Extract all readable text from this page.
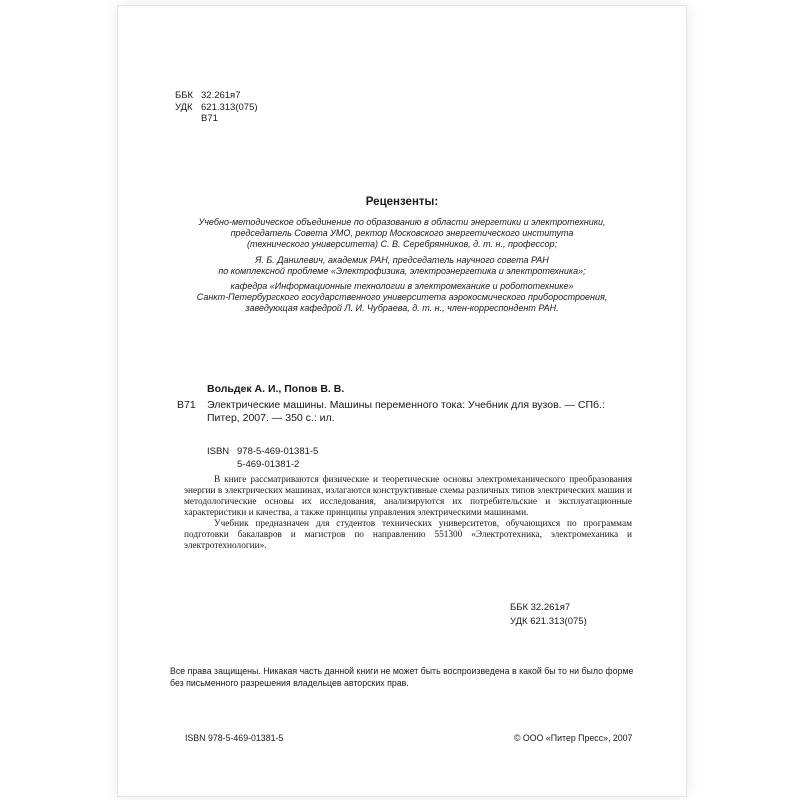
ББК 32.261я7
УДК 621.313(075)
В71
Рецензенты:

Учебно-методическое объединение по образованию в области энергетики и электротехники,
председатель Совета УМО, ректор Московского энергетического института
(технического университета) С. В. Серебрянников, д. т. н., профессор;

Я. Б. Данилевич, академик РАН, председатель научного совета РАН
по комплексной проблеме «Электрофизика, электроэнергетика и электротехника»;

кафедра «Информационные технологии в электромеханике и робототехнике»
Санкт-Петербургского государственного университета аэрокосмического приборостроения,
заведующая кафедрой Л. И. Чубраева, д. т. н., член-корреспондент РАН.

Вольдек А. И., Попов В. В.
В71 Электрические машины. Машины переменного тока: Учебник для вузов. — СПб.:
Питер, 2007. — 350 с.: ил.
ISBN 978-5-469-01381-5
5-469-01381-2

В книге рассматриваются физические и теоретические основы электромеханического преобразования энергии в электрических машинах, излагаются конструктивные схемы различных типов электрических машин и методологические основы их исследования, анализируются их потребительские и эксплуатационные характеристики и качества, а также принципы управления электрическими машинами.

Учебник предназначен для студентов технических университетов, обучающихся по программам подготовки бакалавров и магистров по направлению 551300 «Электротехника, электромеханика и электротехнологии».

ББК 32.261я7
УДК 621.313(075)
Все права защищены. Никакая часть данной книги не может быть воспроизведена в какой бы то ни было форме без письменного разрешения владельцев авторских прав.
ISBN 978-5-469-01381-5	© ООО «Питер Пресс», 2007
